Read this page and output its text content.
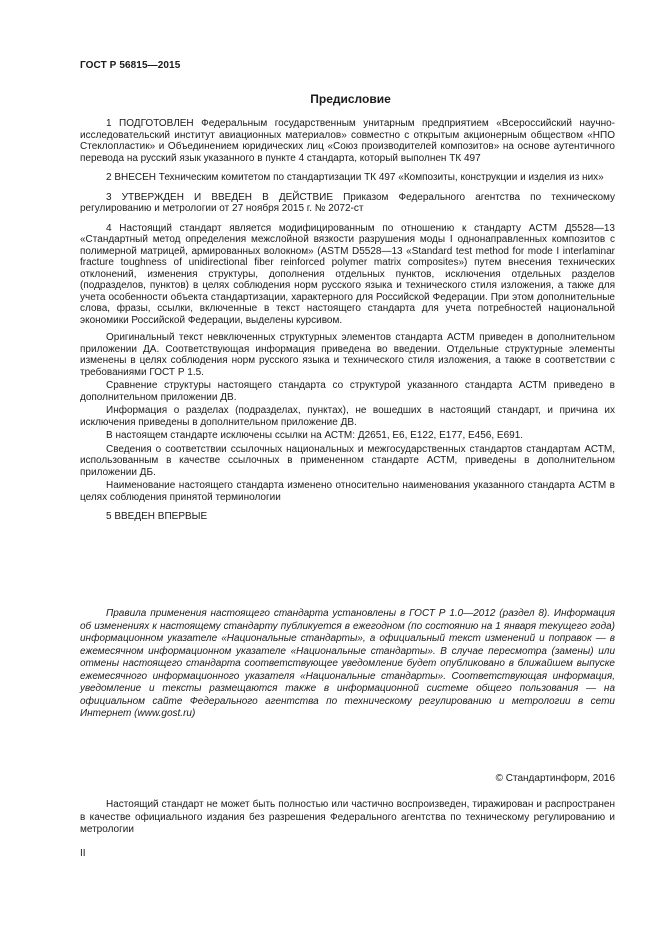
ГОСТ Р 56815—2015
Предисловие

1 ПОДГОТОВЛЕН Федеральным государственным унитарным предприятием «Всероссийский научно-исследовательский институт авиационных материалов» совместно с открытым акционерным обществом «НПО Стеклопластик» и Объединением юридических лиц «Союз производителей композитов» на основе аутентичного перевода на русский язык указанного в пункте 4 стандарта, который выполнен ТК 497

2 ВНЕСЕН Техническим комитетом по стандартизации ТК 497 «Композиты, конструкции и изделия из них»

3 УТВЕРЖДЕН И ВВЕДЕН В ДЕЙСТВИЕ Приказом Федерального агентства по техническому регулированию и метрологии от 27 ноября 2015 г. № 2072-ст

4 Настоящий стандарт является модифицированным по отношению к стандарту ACTM Д5528—13 «Стандартный метод определения межслойной вязкости разрушения моды I однонаправленных композитов с полимерной матрицей, армированных волокном» (ASTM D5528—13 «Standard test method for mode I interlaminar fracture toughness of unidirectional fiber reinforced polymer matrix composites») путем внесения технических отклонений, изменения структуры, дополнения отдельных пунктов, исключения отдельных разделов (подразделов, пунктов) в целях соблюдения норм русского языка и технического стиля изложения, а также для учета особенности объекта стандартизации, характерного для Российской Федерации. При этом дополнительные слова, фразы, ссылки, включенные в текст настоящего стандарта для учета потребностей национальной экономики Российской Федерации, выделены курсивом.

Оригинальный текст невключенных структурных элементов стандарта АСТМ приведен в дополнительном приложении ДА. Соответствующая информация приведена во введении. Отдельные структурные элементы изменены в целях соблюдения норм русского языка и технического стиля изложения, а также в соответствии с требованиями ГОСТ Р 1.5.

Сравнение структуры настоящего стандарта со структурой указанного стандарта АСТМ приведено в дополнительном приложении ДВ.

Информация о разделах (подразделах, пунктах), не вошедших в настоящий стандарт, и причина их исключения приведены в дополнительном приложение ДВ.

В настоящем стандарте исключены ссылки на АСТМ: Д2651, Е6, Е122, Е177, Е456, Е691.

Сведения о соответствии ссылочных национальных и межгосударственных стандартов стандартам АСТМ, использованным в качестве ссылочных в примененном стандарте АСТМ, приведены в дополнительном приложении ДБ.

Наименование настоящего стандарта изменено относительно наименования указанного стандарта АСТМ в целях соблюдения принятой терминологии

5 ВВЕДЕН ВПЕРВЫЕ

Правила применения настоящего стандарта установлены в ГОСТ Р 1.0—2012 (раздел 8). Информация об изменениях к настоящему стандарту публикуется в ежегодном (по состоянию на 1 января текущего года) информационном указателе «Национальные стандарты», а официальный текст изменений и поправок — в ежемесячном информационном указателе «Национальные стандарты». В случае пересмотра (замены) или отмены настоящего стандарта соответствующее уведомление будет опубликовано в ближайшем выпуске ежемесячного информационного указателя «Национальные стандарты». Соответствующая информация, уведомление и тексты размещаются также в информационной системе общего пользования — на официальном сайте Федерального агентства по техническому регулированию и метрологии в сети Интернет (www.gost.ru)

© Стандартинформ, 2016

Настоящий стандарт не может быть полностью или частично воспроизведен, тиражирован и распространен в качестве официального издания без разрешения Федерального агентства по техническому регулированию и метрологии

II
